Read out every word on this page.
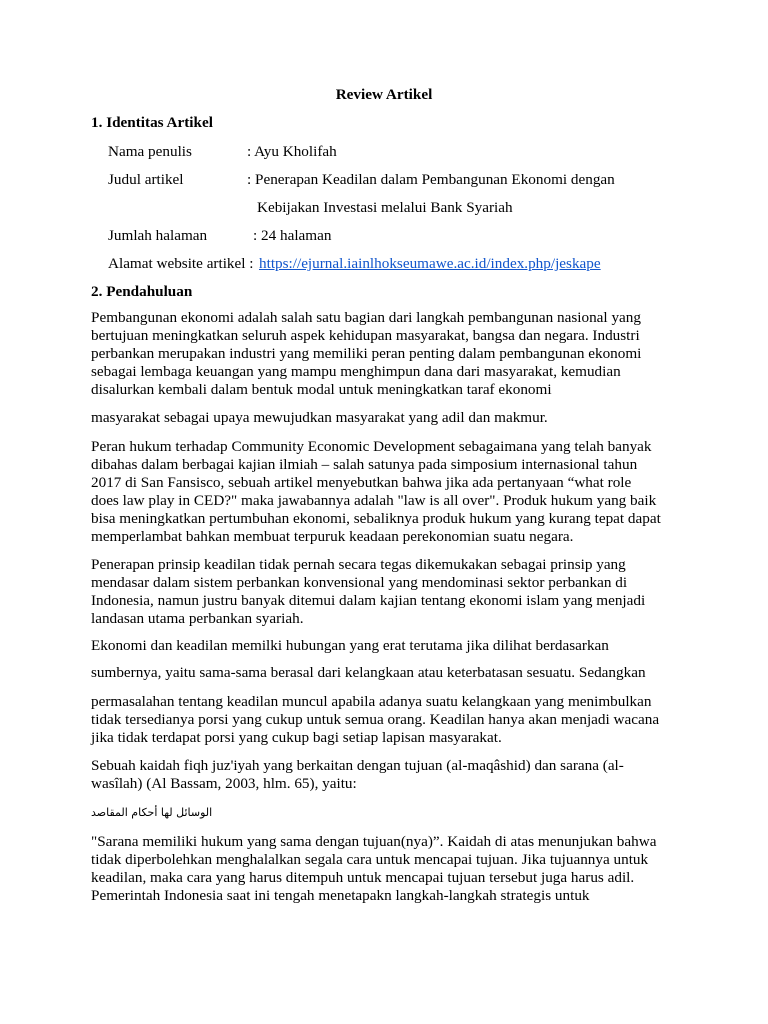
Review Artikel
1. Identitas Artikel
Nama penulis	: Ayu Kholifah
Judul artikel	: Penerapan Keadilan dalam Pembangunan Ekonomi dengan
Kebijakan Investasi melalui Bank Syariah
Jumlah halaman	: 24 halaman
Alamat website artikel : https://ejurnal.iainlhokseumawe.ac.id/index.php/jeskape
2. Pendahuluan
Pembangunan ekonomi adalah salah satu bagian dari langkah pembangunan nasional yang
bertujuan meningkatkan seluruh aspek kehidupan masyarakat, bangsa dan negara. Industri
perbankan merupakan industri yang memiliki peran penting dalam pembangunan ekonomi
sebagai lembaga keuangan yang mampu menghimpun dana dari masyarakat, kemudian
disalurkan kembali dalam bentuk modal untuk meningkatkan taraf ekonomi
masyarakat sebagai upaya mewujudkan masyarakat yang adil dan makmur.
Peran hukum terhadap Community Economic Development sebagaimana yang telah banyak
dibahas dalam berbagai kajian ilmiah – salah satunya pada simposium internasional tahun
2017 di San Fansisco, sebuah artikel menyebutkan bahwa jika ada pertanyaan “what role
does law play in CED?" maka jawabannya adalah "law is all over". Produk hukum yang baik
bisa meningkatkan pertumbuhan ekonomi, sebaliknya produk hukum yang kurang tepat dapat
memperlambat bahkan membuat terpuruk keadaan perekonomian suatu negara.
Penerapan prinsip keadilan tidak pernah secara tegas dikemukakan sebagai prinsip yang
mendasar dalam sistem perbankan konvensional yang mendominasi sektor perbankan di
Indonesia, namun justru banyak ditemui dalam kajian tentang ekonomi islam yang menjadi
landasan utama perbankan syariah.
Ekonomi dan keadilan memilki hubungan yang erat terutama jika dilihat berdasarkan
sumbernya, yaitu sama-sama berasal dari kelangkaan atau keterbatasan sesuatu. Sedangkan
permasalahan tentang keadilan muncul apabila adanya suatu kelangkaan yang menimbulkan
tidak tersedianya porsi yang cukup untuk semua orang. Keadilan hanya akan menjadi wacana
jika tidak terdapat porsi yang cukup bagi setiap lapisan masyarakat.
Sebuah kaidah fiqh juz'iyah yang berkaitan dengan tujuan (al-maqâshid) dan sarana (al-
wasîlah) (Al Bassam, 2003, hlm. 65), yaitu:
الوسائل لها أحكام المقاصد
"Sarana memiliki hukum yang sama dengan tujuan(nya)”. Kaidah di atas menunjukan bahwa
tidak diperbolehkan menghalalkan segala cara untuk mencapai tujuan. Jika tujuannya untuk
keadilan, maka cara yang harus ditempuh untuk mencapai tujuan tersebut juga harus adil.
Pemerintah Indonesia saat ini tengah menetapakn langkah-langkah strategis untuk
